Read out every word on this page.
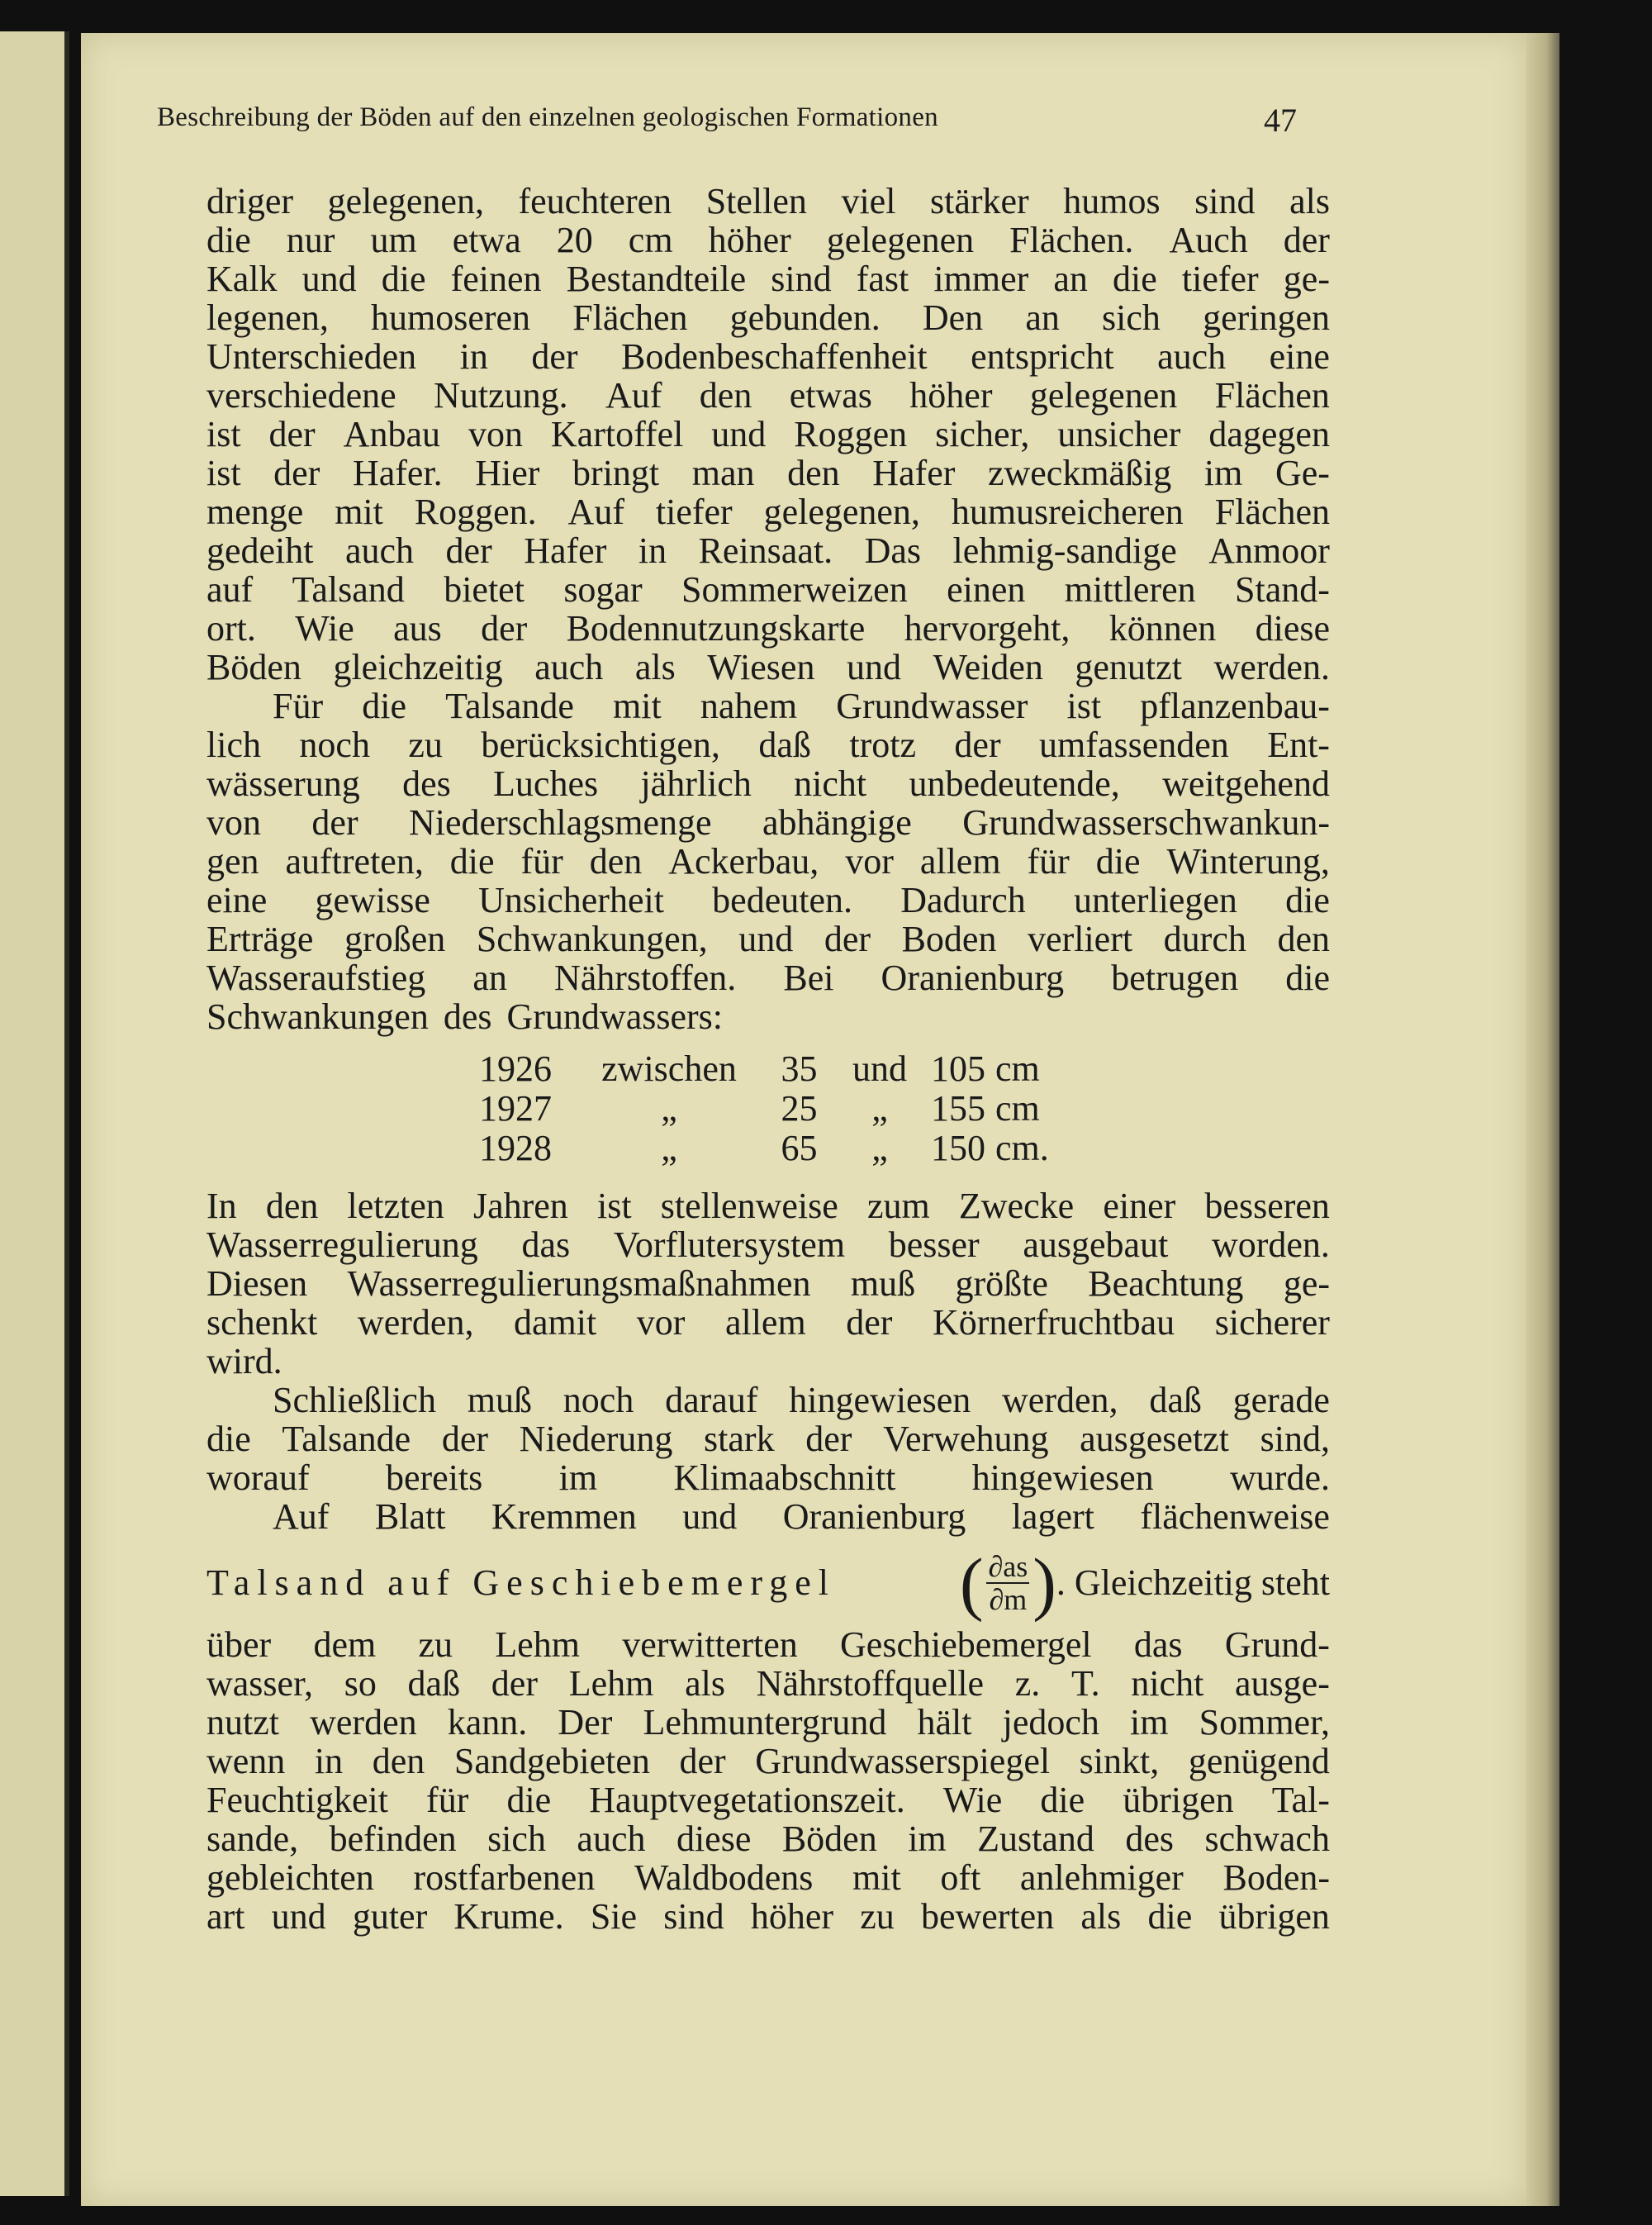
Beschreibung der Böden auf den einzelnen geologischen Formationen	47
driger gelegenen, feuchteren Stellen viel stärker humos sind als
die nur um etwa 20 cm höher gelegenen Flächen. Auch der
Kalk und die feinen Bestandteile sind fast immer an die tiefer ge-
legenen, humoseren Flächen gebunden. Den an sich geringen
Unterschieden in der Bodenbeschaffenheit entspricht auch eine
verschiedene Nutzung. Auf den etwas höher gelegenen Flächen
ist der Anbau von Kartoffel und Roggen sicher, unsicher dagegen
ist der Hafer. Hier bringt man den Hafer zweckmäßig im Ge-
menge mit Roggen. Auf tiefer gelegenen, humusreicheren Flächen
gedeiht auch der Hafer in Reinsaat. Das lehmig-sandige Anmoor
auf Talsand bietet sogar Sommerweizen einen mittleren Stand-
ort. Wie aus der Bodennutzungskarte hervorgeht, können diese
Böden gleichzeitig auch als Wiesen und Weiden genutzt werden.
Für die Talsande mit nahem Grundwasser ist pflanzenbau-
lich noch zu berücksichtigen, daß trotz der umfassenden Ent-
wässerung des Luches jährlich nicht unbedeutende, weitgehend
von der Niederschlagsmenge abhängige Grundwasserschwankun-
gen auftreten, die für den Ackerbau, vor allem für die Winterung,
eine gewisse Unsicherheit bedeuten. Dadurch unterliegen die
Erträge großen Schwankungen, und der Boden verliert durch den
Wasseraufstieg an Nährstoffen. Bei Oranienburg betrugen die
Schwankungen des Grundwassers:
1926	zwischen	35 und 105 cm
1927	„	25	„	155 cm
1928	„	65	„	150 cm.
In den letzten Jahren ist stellenweise zum Zwecke einer besseren
Wasserregulierung das Vorflutersystem besser ausgebaut worden.
Diesen Wasserregulierungsmaßnahmen muß größte Beachtung ge-
schenkt werden, damit vor allem der Körnerfruchtbau sicherer
wird.
Schließlich muß noch darauf hingewiesen werden, daß gerade
die Talsande der Niederung stark der Verwehung ausgesetzt sind,
worauf bereits im Klimaabschnitt hingewiesen wurde.
Auf Blatt Kremmen und Oranienburg lagert flächenweise
Talsand auf Geschiebemergel ( $\frac{\partial as}{\partial m}$ ) . Gleichzeitig steht
über dem zu Lehm verwitterten Geschiebemergel das Grund-
wasser, so daß der Lehm als Nährstoffquelle z. T. nicht ausge-
nutzt werden kann. Der Lehmuntergrund hält jedoch im Sommer,
wenn in den Sandgebieten der Grundwasserspiegel sinkt, genügend
Feuchtigkeit für die Hauptvegetationszeit. Wie die übrigen Tal-
sande, befinden sich auch diese Böden im Zustand des schwach
gebleichten rostfarbenen Waldbodens mit oft anlehmiger Boden-
art und guter Krume. Sie sind höher zu bewerten als die übrigen
